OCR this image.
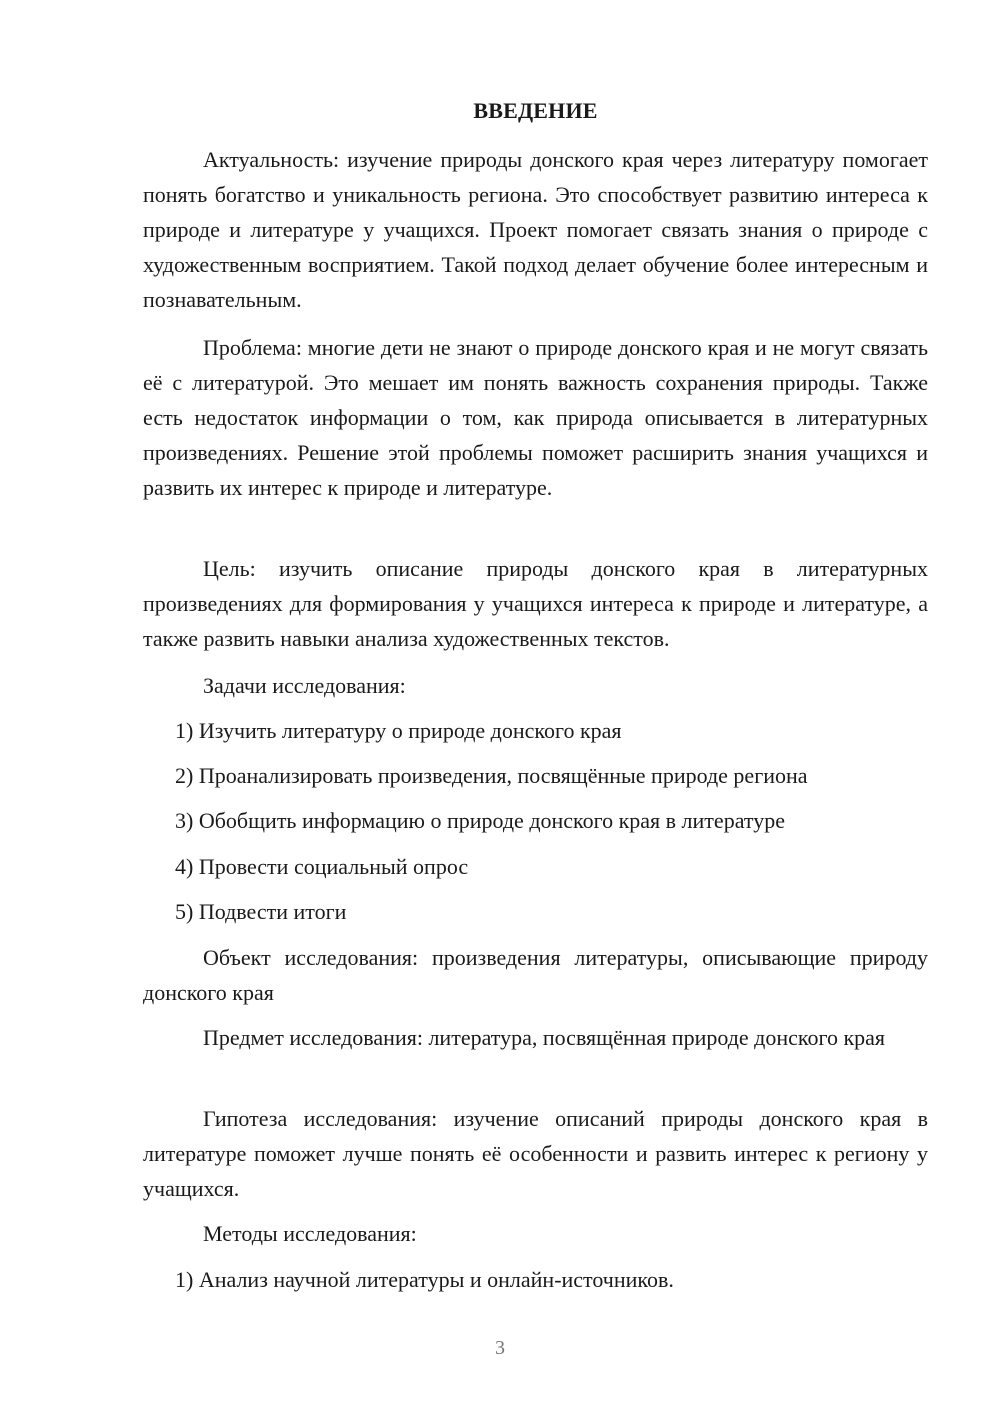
ВВЕДЕНИЕ

Актуальность: изучение природы донского края через литературу помогает понять богатство и уникальность региона. Это способствует развитию интереса к природе и литературе у учащихся. Проект помогает связать знания о природе с художественным восприятием. Такой подход делает обучение более интересным и познавательным.

Проблема: многие дети не знают о природе донского края и не могут связать её с литературой. Это мешает им понять важность сохранения природы. Также есть недостаток информации о том, как природа описывается в литературных произведениях. Решение этой проблемы поможет расширить знания учащихся и развить их интерес к природе и литературе.

Цель: изучить описание природы донского края в литературных произведениях для формирования у учащихся интереса к природе и литературе, а также развить навыки анализа художественных текстов.

Задачи исследования:

1) Изучить литературу о природе донского края

2) Проанализировать произведения, посвящённые природе региона

3) Обобщить информацию о природе донского края в литературе

4) Провести социальный опрос

5) Подвести итоги

Объект исследования: произведения литературы, описывающие природу донского края

Предмет исследования: литература, посвящённая природе донского края

Гипотеза исследования: изучение описаний природы донского края в литературе поможет лучше понять её особенности и развить интерес к региону у учащихся.

Методы исследования:

1) Анализ научной литературы и онлайн-источников.

3
